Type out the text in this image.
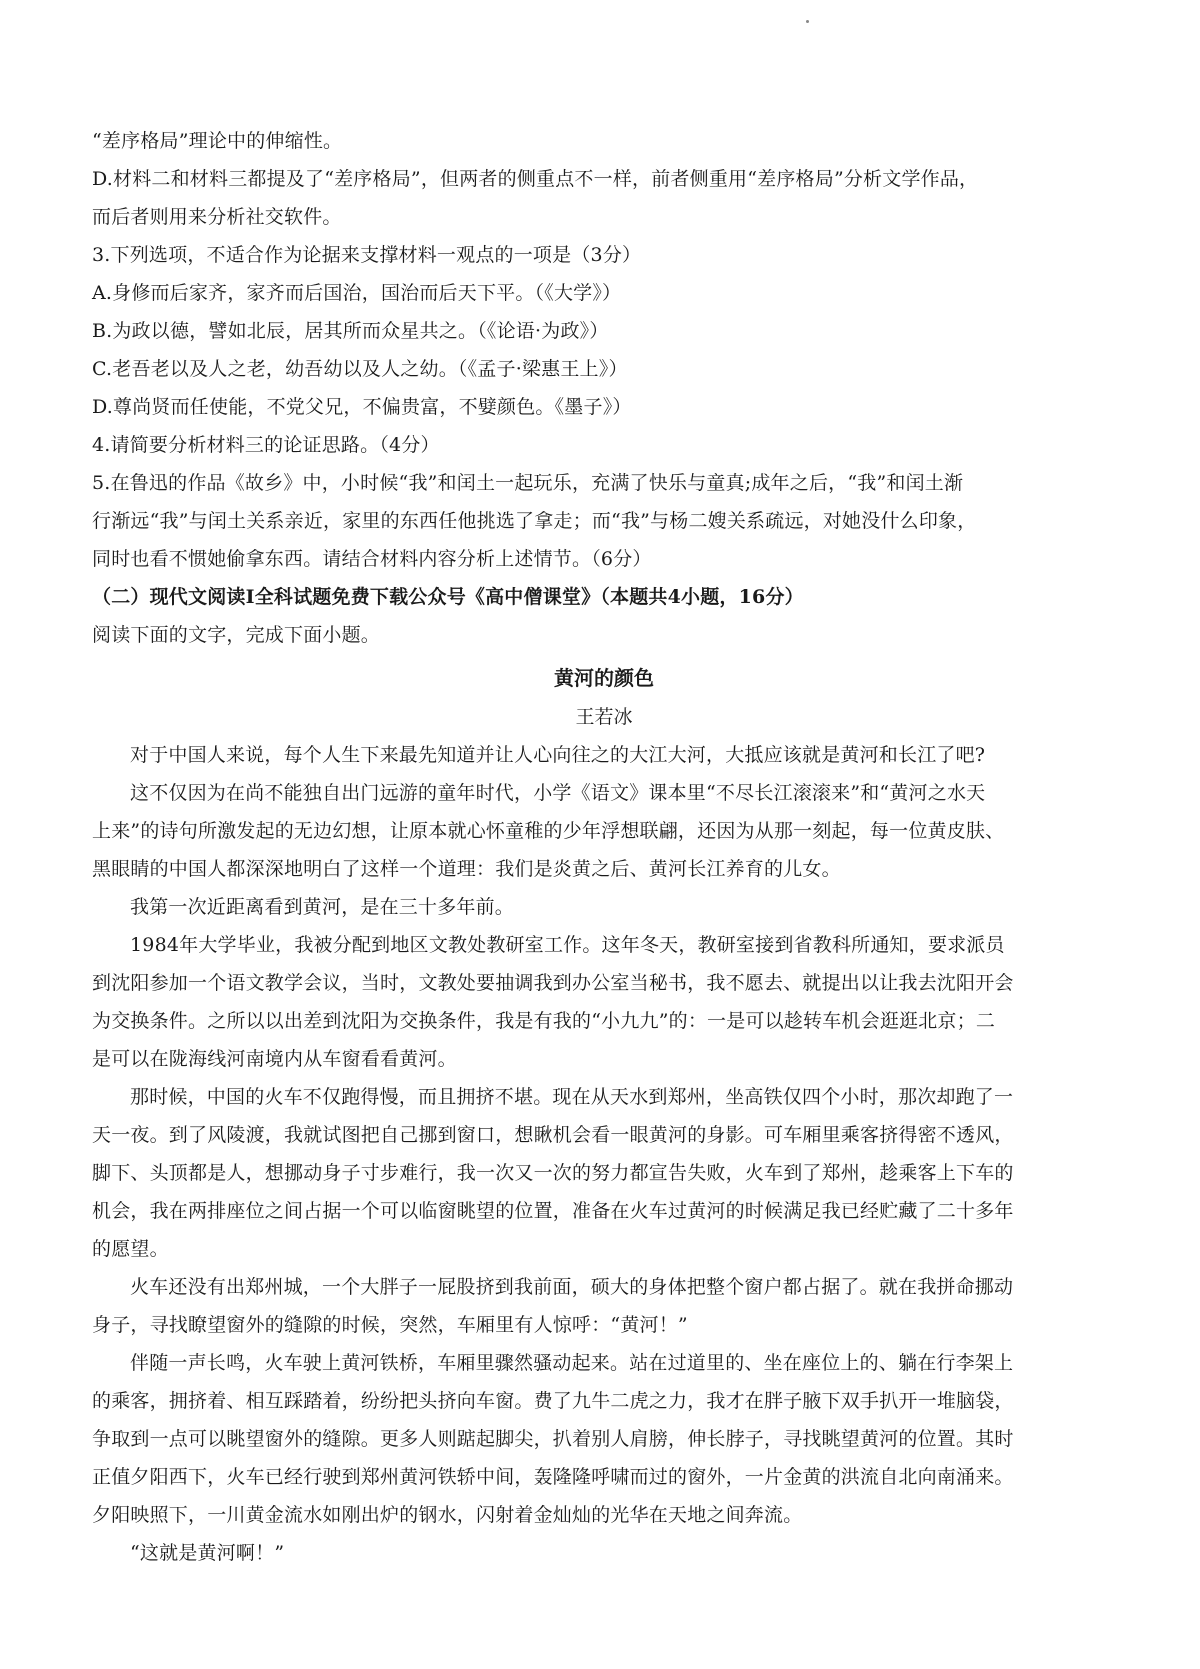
“差序格局”理论中的伸缩性。
D.材料二和材料三都提及了“差序格局”，但两者的侧重点不一样，前者侧重用“差序格局”分析文学作品，
而后者则用来分析社交软件。
3.下列选项，不适合作为论据来支撑材料一观点的一项是（3分）
A.身修而后家齐，家齐而后国治，国治而后天下平。（《大学》）
B.为政以德，譬如北辰，居其所而众星共之。（《论语·为政》）
C.老吾老以及人之老，幼吾幼以及人之幼。（《孟子·梁惠王上》）
D.尊尚贤而任使能，不党父兄，不偏贵富，不嬖颜色。《墨子》）
4.请简要分析材料三的论证思路。（4分）
5.在鲁迅的作品《故乡》中，小时候“我”和闰土一起玩乐，充满了快乐与童真;成年之后，“我”和闰土渐
行渐远“我”与闰土关系亲近，家里的东西任他挑选了拿走；而“我”与杨二嫂关系疏远，对她没什么印象，
同时也看不惯她偷拿东西。请结合材料内容分析上述情节。（6分）
（二）现代文阅读Ⅰ全科试题免费下载公众号《高中僧课堂》（本题共4小题，16分）
阅读下面的文字，完成下面小题。
黄河的颜色
王若冰
对于中国人来说，每个人生下来最先知道并让人心向往之的大江大河，大抵应该就是黄河和长江了吧?
这不仅因为在尚不能独自出门远游的童年时代，小学《语文》课本里“不尽长江滚滚来”和“黄河之水天
上来”的诗句所激发起的无边幻想，让原本就心怀童稚的少年浮想联翩，还因为从那一刻起，每一位黄皮肤、
黑眼睛的中国人都深深地明白了这样一个道理：我们是炎黄之后、黄河长江养育的儿女。
我第一次近距离看到黄河，是在三十多年前。
1984年大学毕业，我被分配到地区文教处教研室工作。这年冬天，教研室接到省教科所通知，要求派员
到沈阳参加一个语文教学会议，当时，文教处要抽调我到办公室当秘书，我不愿去、就提出以让我去沈阳开会
为交换条件。之所以以出差到沈阳为交换条件，我是有我的“小九九”的：一是可以趁转车机会逛逛北京；二
是可以在陇海线河南境内从车窗看看黄河。
那时候，中国的火车不仅跑得慢，而且拥挤不堪。现在从天水到郑州，坐高铁仅四个小时，那次却跑了一
天一夜。到了风陵渡，我就试图把自己挪到窗口，想瞅机会看一眼黄河的身影。可车厢里乘客挤得密不透风，
脚下、头顶都是人，想挪动身子寸步难行，我一次又一次的努力都宣告失败，火车到了郑州，趁乘客上下车的
机会，我在两排座位之间占据一个可以临窗眺望的位置，准备在火车过黄河的时候满足我已经贮藏了二十多年
的愿望。
火车还没有出郑州城，一个大胖子一屁股挤到我前面，硕大的身体把整个窗户都占据了。就在我拼命挪动
身子，寻找瞭望窗外的缝隙的时候，突然，车厢里有人惊呼：“黄河！”
伴随一声长鸣，火车驶上黄河铁桥，车厢里骤然骚动起来。站在过道里的、坐在座位上的、躺在行李架上
的乘客，拥挤着、相互踩踏着，纷纷把头挤向车窗。费了九牛二虎之力，我才在胖子腋下双手扒开一堆脑袋，
争取到一点可以眺望窗外的缝隙。更多人则踮起脚尖，扒着别人肩膀，伸长脖子，寻找眺望黄河的位置。其时
正值夕阳西下，火车已经行驶到郑州黄河铁轿中间，轰隆隆呼啸而过的窗外，一片金黄的洪流自北向南涌来。
夕阳映照下，一川黄金流水如刚出炉的钢水，闪射着金灿灿的光华在天地之间奔流。
“这就是黄河啊！”
